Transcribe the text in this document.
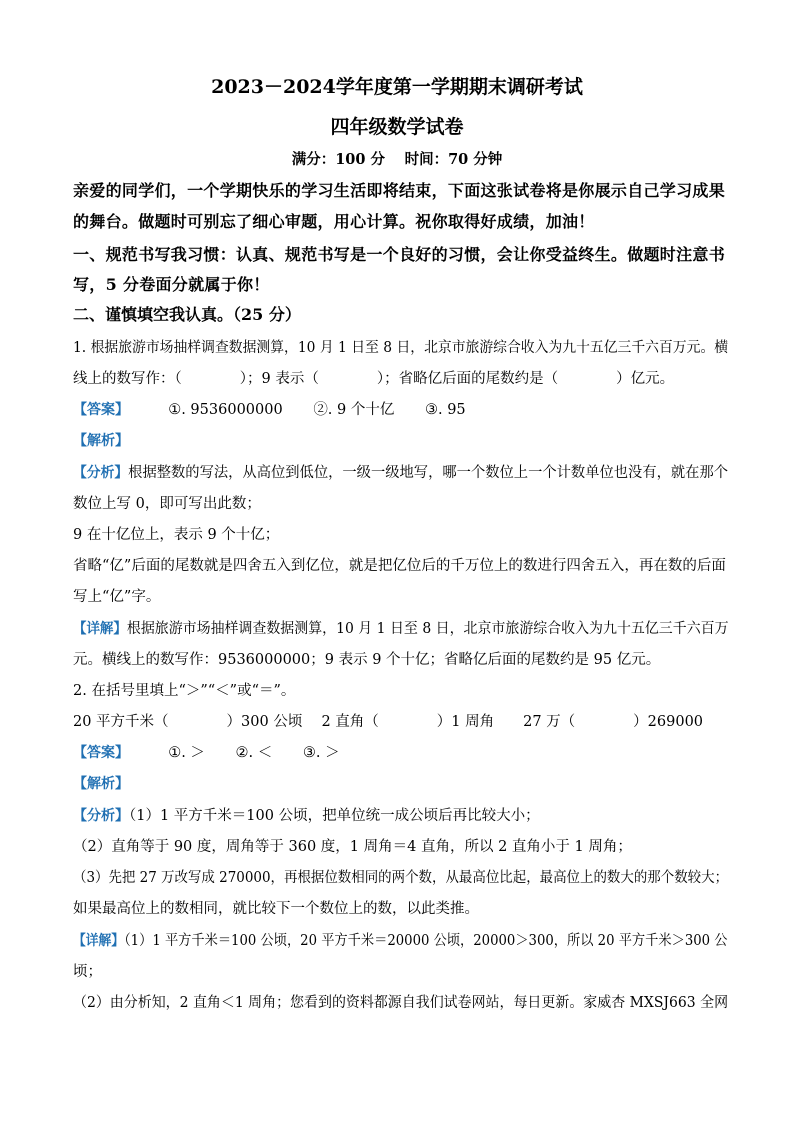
2023－2024学年度第一学期期末调研考试
四年级数学试卷
满分：100 分　 时间：70 分钟
亲爱的同学们，一个学期快乐的学习生活即将结束，下面这张试卷将是你展示自己学习成果
的舞台。做题时可别忘了细心审题，用心计算。祝你取得好成绩，加油！
一、规范书写我习惯：认真、规范书写是一个良好的习惯，会让你受益终生。做题时注意书
写，5 分卷面分就属于你！
二、谨慎填空我认真。（25 分）
1. 根据旅游市场抽样调查数据测算，10 月 1 日至 8 日，北京市旅游综合收入为九十五亿三千六百万元。横
线上的数写作：（　　　　）；9 表示（　　　　）；省略亿后面的尾数约是（　　　　）亿元。
【答案】	①. 9536000000 ②. 9 个十亿 ③. 95
【解析】
【分析】根据整数的写法，从高位到低位，一级一级地写，哪一个数位上一个计数单位也没有，就在那个
数位上写 0，即可写出此数；
9 在十亿位上，表示 9 个十亿；
省略“亿”后面的尾数就是四舍五入到亿位，就是把亿位后的千万位上的数进行四舍五入，再在数的后面
写上“亿”字。
【详解】根据旅游市场抽样调查数据测算，10 月 1 日至 8 日，北京市旅游综合收入为九十五亿三千六百万
元。横线上的数写作：9536000000；9 表示 9 个十亿；省略亿后面的尾数约是 95 亿元。
2. 在括号里填上“＞”“＜”或“＝”。
20 平方千米（　　　　）300 公顷　 2 直角（　　　　）1 周角　　27 万（　　　　）269000
【答案】	①. ＞ ②. ＜ ③. ＞
【解析】
【分析】（1）1 平方千米＝100 公顷，把单位统一成公顷后再比较大小；
（2）直角等于 90 度，周角等于 360 度，1 周角＝4 直角，所以 2 直角小于 1 周角；
（3）先把 27 万改写成 270000，再根据位数相同的两个数，从最高位比起，最高位上的数大的那个数较大；
如果最高位上的数相同，就比较下一个数位上的数，以此类推。
【详解】（1）1 平方千米＝100 公顷，20 平方千米＝20000 公顷，20000＞300，所以 20 平方千米＞300 公
顷；
（2）由分析知，2 直角＜1 周角；您看到的资料都源自我们试卷网站，每日更新。家威杏 MXSJ663 全网
